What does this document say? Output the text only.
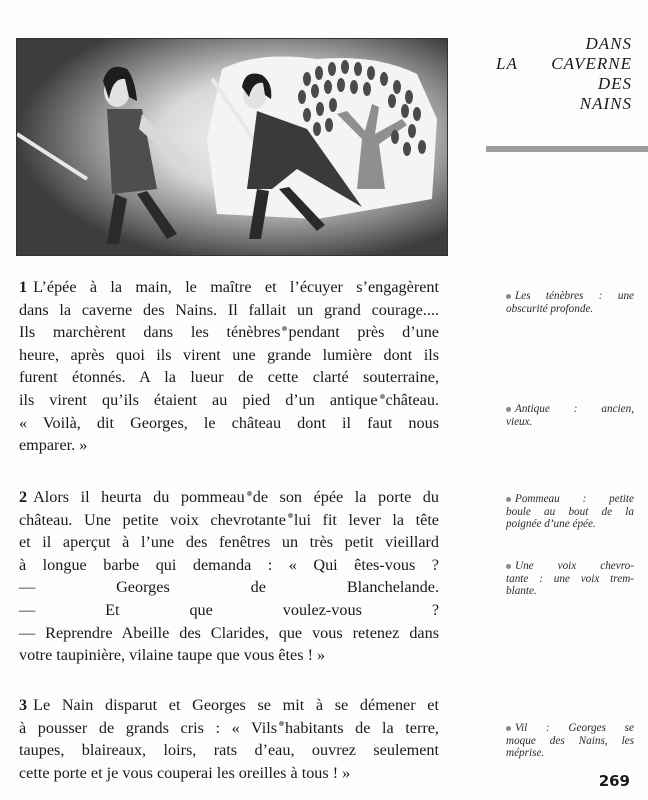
DANS
LA CAVERNE
DES
NAINS
1 L’épée à la main, le maître et l’écuyer s’engagèrent
dans la caverne des Nains. Il fallait un grand courage....
Ils marchèrent dans les ténèbres pendant près d’une
heure, après quoi ils virent une grande lumière dont ils
furent étonnés. A la lueur de cette clarté souterraine,
ils virent qu’ils étaient au pied d’un antique château.
« Voilà, dit Georges, le château dont il faut nous
emparer. »
2 Alors il heurta du pommeau de son épée la porte du
château. Une petite voix chevrotante lui fit lever la tête
et il aperçut à l’une des fenêtres un très petit vieillard
à longue barbe qui demanda : « Qui êtes-vous ?
— Georges de Blanchelande.
— Et que voulez-vous ?
— Reprendre Abeille des Clarides, que vous retenez dans
votre taupinière, vilaine taupe que vous êtes ! »
3 Le Nain disparut et Georges se mit à se démener et
à pousser de grands cris : « Vils habitants de la terre,
taupes, blaireaux, loirs, rats d’eau, ouvrez seulement
cette porte et je vous couperai les oreilles à tous ! »
Les ténèbres : une
obscurité profonde.
Antique : ancien,
vieux.
Pommeau : petite
boule au bout de la
poignée d’une épée.
Une voix chevro-
tante : une voix trem-
blante.
Vil : Georges se
moque des Nains, les
méprise.
269
